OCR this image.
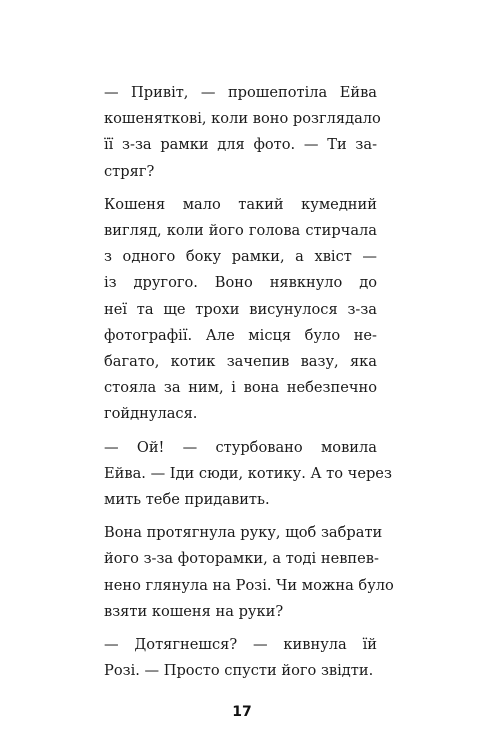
— Привіт, — прошепотіла Ейва
кошеняткові, коли воно розглядало
її з-за рамки для фото. — Ти за-
стряг?
Кошеня мало такий кумедний
вигляд, коли його голова стирчала
з одного боку рамки, а хвіст —
із другого. Воно нявкнуло до
неї та ще трохи висунулося з-за
фотографії. Але місця було не-
багато, котик зачепив вазу, яка
стояла за ним, і вона небезпечно
гойднулася.
— Ой! — стурбовано мовила
Ейва. — Іди сюди, котику. А то через
мить тебе придавить.
Вона протягнула руку, щоб забрати
його з-за фоторамки, а тоді невпев-
нено глянула на Розі. Чи можна було
взяти кошеня на руки?
— Дотягнешся? — кивнула їй
Розі. — Просто спусти його звідти.
17
